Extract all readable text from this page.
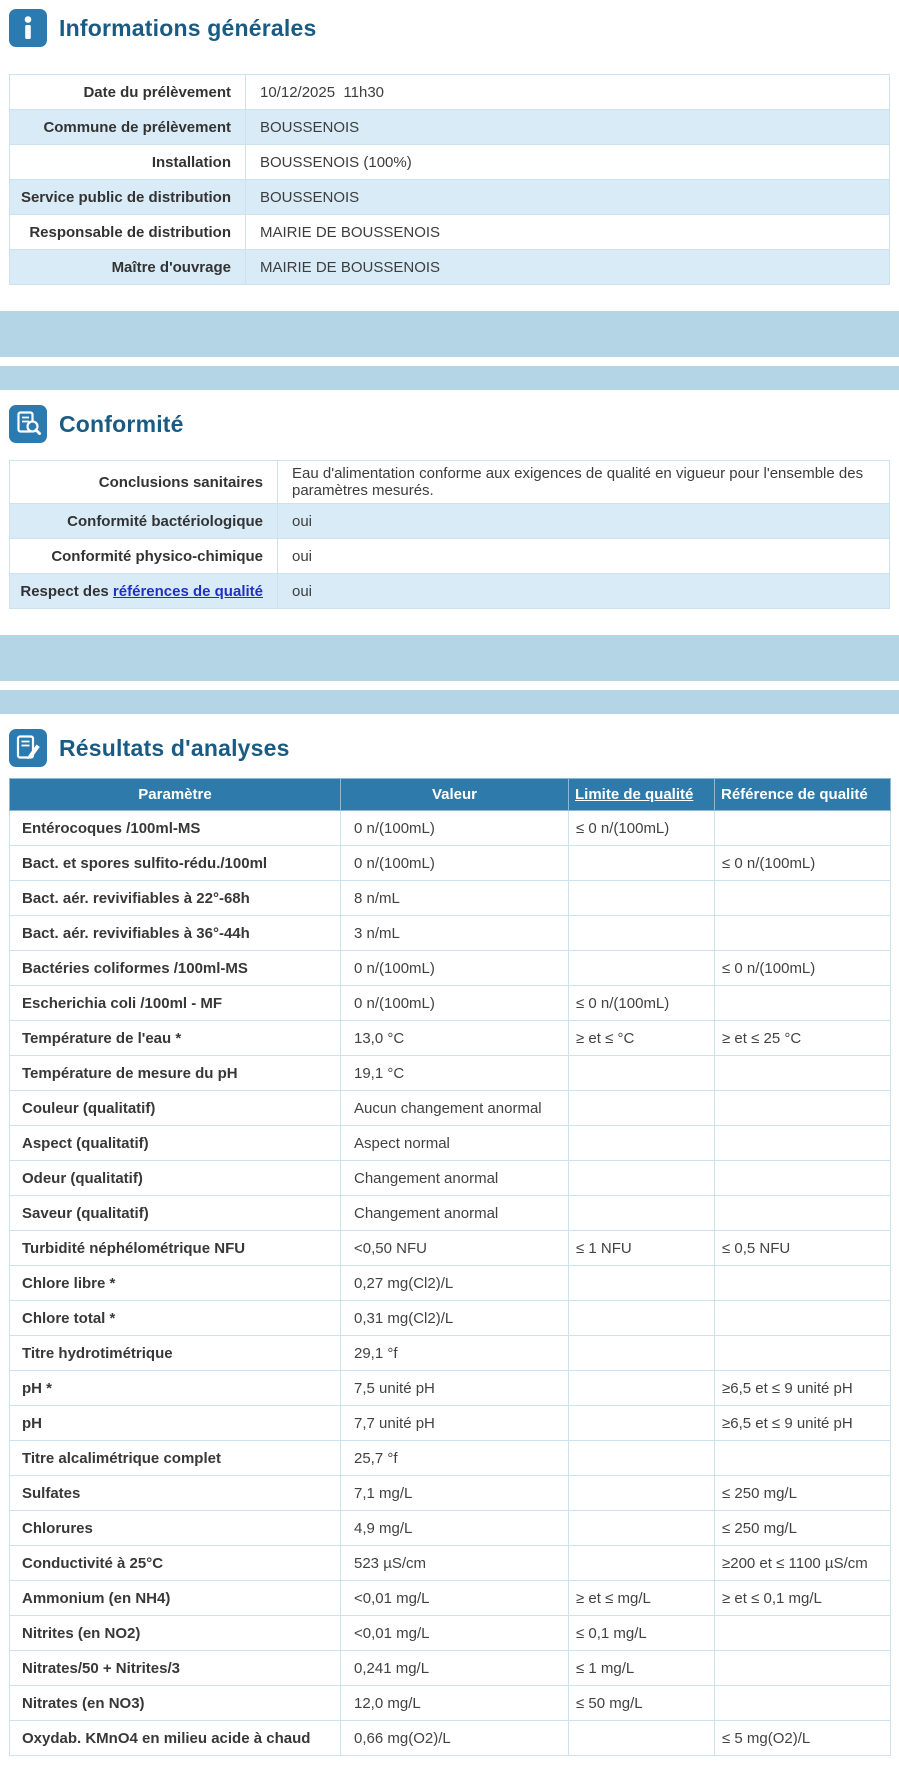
Informations générales
Date du prélèvement	10/12/2025  11h30
Commune de prélèvement	BOUSSENOIS
Installation	BOUSSENOIS (100%)
Service public de distribution	BOUSSENOIS
Responsable de distribution	MAIRIE DE BOUSSENOIS
Maître d'ouvrage	MAIRIE DE BOUSSENOIS
Conformité
Conclusions sanitaires	Eau d'alimentation conforme aux exigences de qualité en vigueur pour l'ensemble des paramètres mesurés.
Conformité bactériologique	oui
Conformité physico-chimique	oui
Respect des références de qualité	oui
Résultats d'analyses
Paramètre	Valeur	Limite de qualité	Référence de qualité
Entérocoques /100ml-MS	0 n/(100mL)	≤ 0 n/(100mL)	
Bact. et spores sulfito-rédu./100ml	0 n/(100mL)		≤ 0 n/(100mL)
Bact. aér. revivifiables à 22°-68h	8 n/mL		
Bact. aér. revivifiables à 36°-44h	3 n/mL		
Bactéries coliformes /100ml-MS	0 n/(100mL)		≤ 0 n/(100mL)
Escherichia coli /100ml - MF	0 n/(100mL)	≤ 0 n/(100mL)	
Température de l'eau *	13,0 °C	≥ et ≤ °C	≥ et ≤ 25 °C
Température de mesure du pH	19,1 °C		
Couleur (qualitatif)	Aucun changement anormal		
Aspect (qualitatif)	Aspect normal		
Odeur (qualitatif)	Changement anormal		
Saveur (qualitatif)	Changement anormal		
Turbidité néphélométrique NFU	<0,50 NFU	≤ 1 NFU	≤ 0,5 NFU
Chlore libre *	0,27 mg(Cl2)/L		
Chlore total *	0,31 mg(Cl2)/L		
Titre hydrotimétrique	29,1 °f		
pH *	7,5 unité pH		≥6,5 et ≤ 9 unité pH
pH	7,7 unité pH		≥6,5 et ≤ 9 unité pH
Titre alcalimétrique complet	25,7 °f		
Sulfates	7,1 mg/L		≤ 250 mg/L
Chlorures	4,9 mg/L		≤ 250 mg/L
Conductivité à 25°C	523 µS/cm		≥200 et ≤ 1100 µS/cm
Ammonium (en NH4)	<0,01 mg/L	≥ et ≤ mg/L	≥ et ≤ 0,1 mg/L
Nitrites (en NO2)	<0,01 mg/L	≤ 0,1 mg/L	
Nitrates/50 + Nitrites/3	0,241 mg/L	≤ 1 mg/L	
Nitrates (en NO3)	12,0 mg/L	≤ 50 mg/L	
Oxydab. KMnO4 en milieu acide à chaud	0,66 mg(O2)/L		≤ 5 mg(O2)/L
